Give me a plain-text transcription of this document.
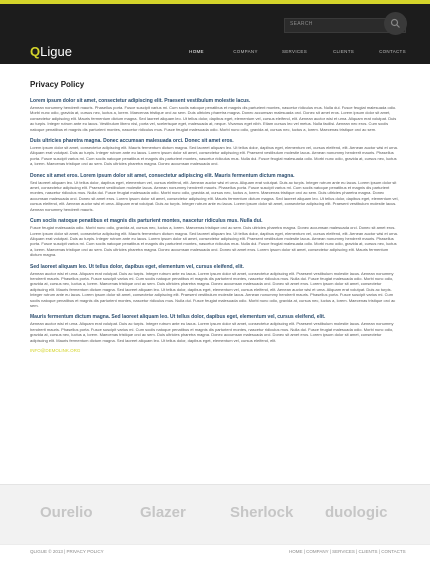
SEARCH
QLigue	HOME	COMPANY	SERVICES	CLIENTS	CONTACTS
Privacy Policy
Lorem ipsum dolor sit amet, consectetur adipiscing elit. Praesent vestibulum molestie lacus.

Aenean nonummy hendrerit mauris. Phasellus porta. Fusce suscipit varius mi. Cum sociis natoque penatibus et magnis dis parturient montes, nascetur ridiculus mus. Nulla dui. Fusce feugiat malesuada odio. Morbi nunc odio, gravida at, cursus nec, luctus a, lorem. Maecenas tristique orci ac sem. Duis ultricies pharetra magna. Donec accumsan malesuada orci. Donec sit amet eros. Lorem ipsum dolor sit amet, consectetur adipiscing elit. Mauris fermentum dictum magna. Sed laoreet aliquam leo. Ut tellus dolor, dapibus eget, elementum vel, cursus eleifend, elit. Aenean auctor wisi et urna. Aliquam erat volutpat. Duis ac turpis. Integer rutrum ante eu lacus. Vestibulum libero nisl, porta vel, scelerisque eget, malesuada at, neque. Vivamus eget nibh. Etiam cursus leo vel metus. Nulla facilisi. Aenean nec eros. Cum sociis natoque penatibus et magnis dis parturient montes, nascetur ridiculus mus. Fusce feugiat malesuada odio. Morbi nunc odio, gravida at, cursus nec, luctus a, lorem. Maecenas tristique orci ac sem.

Duis ultricies pharetra magna. Donec accumsan malesuada orci. Donec sit amet eros.

Lorem ipsum dolor sit amet, consectetur adipiscing elit. Mauris fermentum dictum magna. Sed laoreet aliquam leo. Ut tellus dolor, dapibus eget, elementum vel, cursus eleifend, elit. Aenean auctor wisi et urna. Aliquam erat volutpat. Duis ac turpis. Integer rutrum ante eu lacus. Lorem ipsum dolor sit amet, consectetur adipiscing elit. Praesent vestibulum molestie lacus. Aenean nonummy hendrerit mauris. Phasellus porta. Fusce suscipit varius mi. Cum sociis natoque penatibus et magnis dis parturient montes, nascetur ridiculus mus. Nulla dui. Fusce feugiat malesuada odio. Morbi nunc odio, gravida at, cursus nec, luctus a, lorem. Maecenas tristique orci ac sem. Duis ultricies pharetra magna. Donec accumsan malesuada orci.

Donec sit amet eros. Lorem ipsum dolor sit amet, consectetur adipiscing elit. Mauris fermentum dictum magna.

Sed laoreet aliquam leo. Ut tellus dolor, dapibus eget, elementum vel, cursus eleifend, elit. Aenean auctor wisi et urna. Aliquam erat volutpat. Duis ac turpis. Integer rutrum ante eu lacus. Lorem ipsum dolor sit amet, consectetur adipiscing elit. Praesent vestibulum molestie lacus. Aenean nonummy hendrerit mauris. Phasellus porta. Fusce suscipit varius mi. Cum sociis natoque penatibus et magnis dis parturient montes, nascetur ridiculus mus. Nulla dui. Fusce feugiat malesuada odio. Morbi nunc odio, gravida at, cursus nec, luctus a, lorem. Maecenas tristique orci ac sem. Duis ultricies pharetra magna. Donec accumsan malesuada orci. Donec sit amet eros. Lorem ipsum dolor sit amet, consectetur adipiscing elit. Mauris fermentum dictum magna. Sed laoreet aliquam leo. Ut tellus dolor, dapibus eget, elementum vel, cursus eleifend, elit. Aenean auctor wisi et urna. Aliquam erat volutpat. Duis ac turpis. Integer rutrum ante eu lacus. Lorem ipsum dolor sit amet, consectetur adipiscing elit. Praesent vestibulum molestie lacus. Aenean nonummy hendrerit mauris.

Cum sociis natoque penatibus et magnis dis parturient montes, nascetur ridiculus mus. Nulla dui.

Fusce feugiat malesuada odio. Morbi nunc odio, gravida at, cursus nec, luctus a, lorem. Maecenas tristique orci ac sem. Duis ultricies pharetra magna. Donec accumsan malesuada orci. Donec sit amet eros. Lorem ipsum dolor sit amet, consectetur adipiscing elit. Mauris fermentum dictum magna. Sed laoreet aliquam leo. Ut tellus dolor, dapibus eget, elementum vel, cursus eleifend, elit. Aenean auctor wisi et urna. Aliquam erat volutpat. Duis ac turpis. Integer rutrum ante eu lacus. Lorem ipsum dolor sit amet, consectetur adipiscing elit. Praesent vestibulum molestie lacus. Aenean nonummy hendrerit mauris. Phasellus porta. Fusce suscipit varius mi. Cum sociis natoque penatibus et magnis dis parturient montes, nascetur ridiculus mus. Nulla dui. Fusce feugiat malesuada odio. Morbi nunc odio, gravida at, cursus nec, luctus a, lorem. Maecenas tristique orci ac sem. Duis ultricies pharetra magna. Donec accumsan malesuada orci. Donec sit amet eros. Lorem ipsum dolor sit amet, consectetur adipiscing elit. Mauris fermentum dictum magna.

Sed laoreet aliquam leo. Ut tellus dolor, dapibus eget, elementum vel, cursus eleifend, elit.

Aenean auctor wisi et urna. Aliquam erat volutpat. Duis ac turpis. Integer rutrum ante eu lacus. Lorem ipsum dolor sit amet, consectetur adipiscing elit. Praesent vestibulum molestie lacus. Aenean nonummy hendrerit mauris. Phasellus porta. Fusce suscipit varius mi. Cum sociis natoque penatibus et magnis dis parturient montes, nascetur ridiculus mus. Nulla dui. Fusce feugiat malesuada odio. Morbi nunc odio, gravida at, cursus nec, luctus a, lorem. Maecenas tristique orci ac sem. Duis ultricies pharetra magna. Donec accumsan malesuada orci. Donec sit amet eros. Lorem ipsum dolor sit amet, consectetur adipiscing elit. Mauris fermentum dictum magna. Sed laoreet aliquam leo. Ut tellus dolor, dapibus eget, elementum vel, cursus eleifend, elit. Aenean auctor wisi et urna. Aliquam erat volutpat. Duis ac turpis. Integer rutrum ante eu lacus. Lorem ipsum dolor sit amet, consectetur adipiscing elit. Praesent vestibulum molestie lacus. Aenean nonummy hendrerit mauris. Phasellus porta. Fusce suscipit varius mi. Cum sociis natoque penatibus et magnis dis parturient montes, nascetur ridiculus mus. Nulla dui. Fusce feugiat malesuada odio. Morbi nunc odio, gravida at, cursus nec, luctus a, lorem. Maecenas tristique orci ac sem.

Mauris fermentum dictum magna. Sed laoreet aliquam leo. Ut tellus dolor, dapibus eget, elementum vel, cursus eleifend, elit.

Aenean auctor wisi et urna. Aliquam erat volutpat. Duis ac turpis. Integer rutrum ante eu lacus. Lorem ipsum dolor sit amet, consectetur adipiscing elit. Praesent vestibulum molestie lacus. Aenean nonummy hendrerit mauris. Phasellus porta. Fusce suscipit varius mi. Cum sociis natoque penatibus et magnis dis parturient montes, nascetur ridiculus mus. Nulla dui. Fusce feugiat malesuada odio. Morbi nunc odio, gravida at, cursus nec, luctus a, lorem. Maecenas tristique orci ac sem. Duis ultricies pharetra magna. Donec accumsan malesuada orci. Donec sit amet eros. Lorem ipsum dolor sit amet, consectetur adipiscing elit. Mauris fermentum dictum magna. Sed laoreet aliquam leo. Ut tellus dolor, dapibus eget, elementum vel, cursus eleifend, elit.

INFO@DEMOLINK.ORG
Ourelio	Glazer	Sherlock duologic
QLIGUE © 2013 | PRIVACY POLICY	HOME | COMPANY | SERVICES | CLIENTS | CONTACTS
